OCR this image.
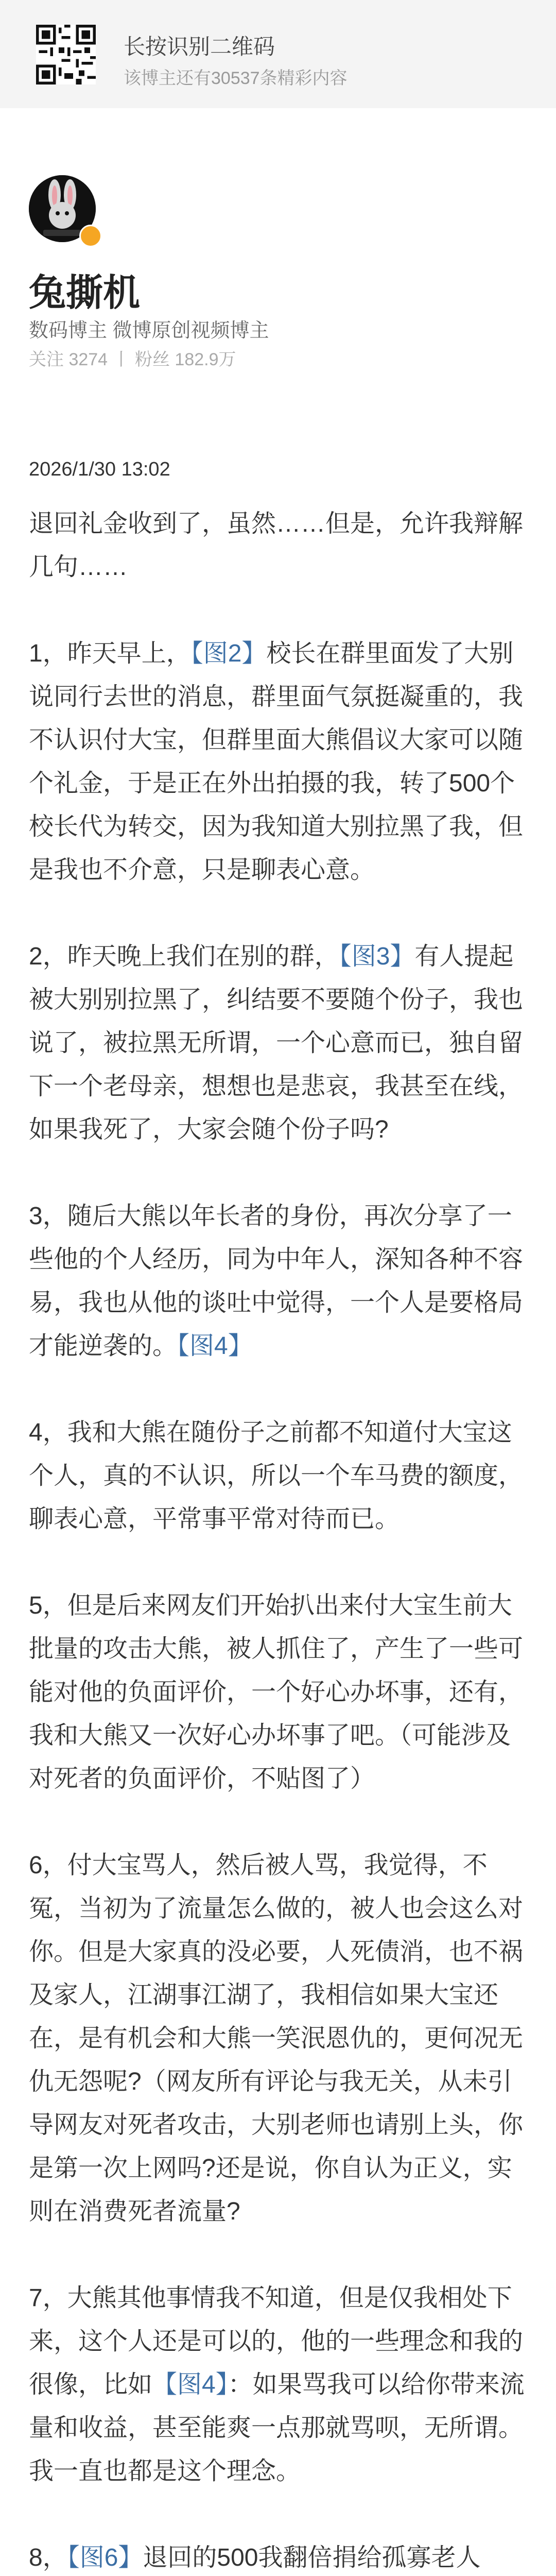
长按识别二维码
该博主还有30537条精彩内容
兔撕机
数码博主 微博原创视频博主
关注 3274 丨 粉丝 182.9万
2026/1/30 13:02

退回礼金收到了，虽然……但是，允许我辩解几句……

1，昨天早上，【图2】校长在群里面发了大别说同行去世的消息，群里面气氛挺凝重的，我不认识付大宝，但群里面大熊倡议大家可以随个礼金，于是正在外出拍摄的我，转了500个校长代为转交，因为我知道大别拉黑了我，但是我也不介意，只是聊表心意。

2，昨天晚上我们在别的群，【图3】有人提起被大别别拉黑了，纠结要不要随个份子，我也说了，被拉黑无所谓，一个心意而已，独自留下一个老母亲，想想也是悲哀，我甚至在线，如果我死了，大家会随个份子吗?

3，随后大熊以年长者的身份，再次分享了一些他的个人经历，同为中年人，深知各种不容易，我也从他的谈吐中觉得，一个人是要格局才能逆袭的。【图4】

4，我和大熊在随份子之前都不知道付大宝这个人，真的不认识，所以一个车马费的额度，聊表心意，平常事平常对待而已。

5，但是后来网友们开始扒出来付大宝生前大批量的攻击大熊，被人抓住了，产生了一些可能对他的负面评价，一个好心办坏事，还有，我和大熊又一次好心办坏事了吧。（可能涉及对死者的负面评价，不贴图了）

6，付大宝骂人，然后被人骂，我觉得，不冤，当初为了流量怎么做的，被人也会这么对你。但是大家真的没必要，人死债消，也不祸及家人，江湖事江湖了，我相信如果大宝还在，是有机会和大熊一笑泯恩仇的，更何况无仇无怨呢?（网友所有评论与我无关，从未引导网友对死者攻击，大别老师也请别上头，你是第一次上网吗?还是说，你自认为正义，实则在消费死者流量?

7，大熊其他事情我不知道，但是仅我相处下来，这个人还是可以的，他的一些理念和我的很像，比如【图4】：如果骂我可以给你带来流量和收益，甚至能爽一点那就骂呗，无所谓。我一直也都是这个理念。

8，【图6】退回的500我翻倍捐给孤寡老人
